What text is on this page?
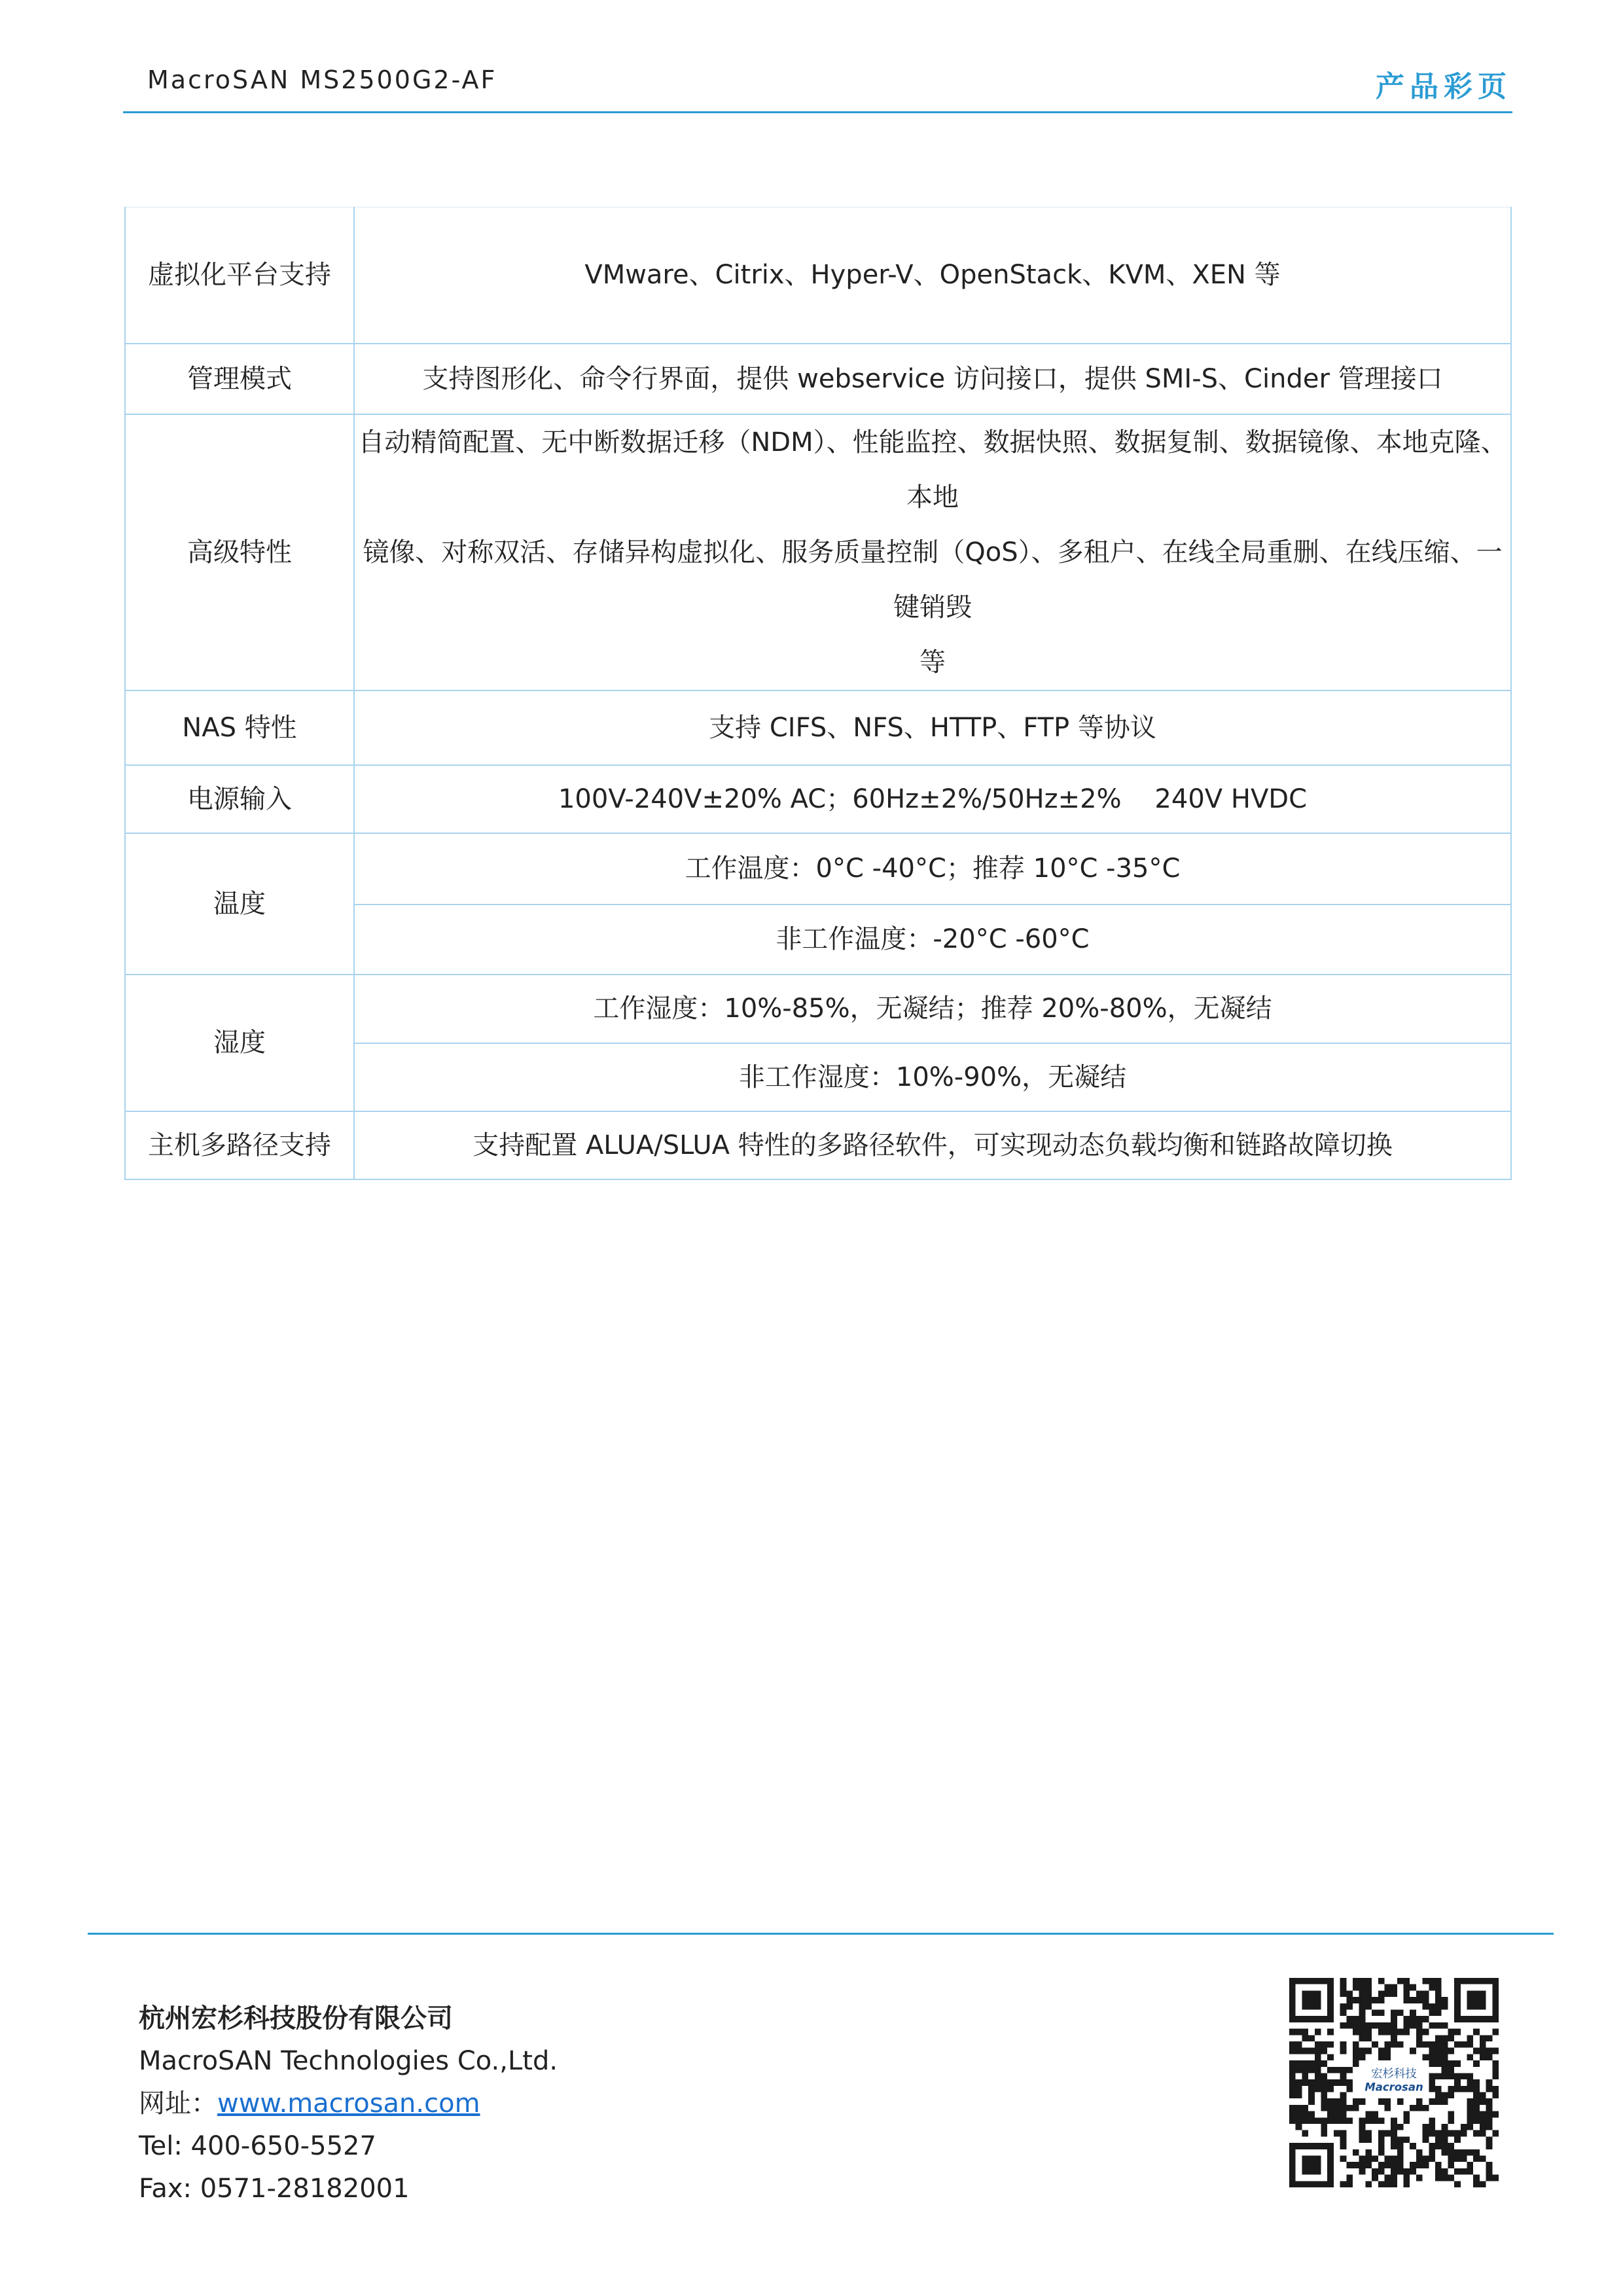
MacroSAN MS2500G2-AF	产品彩页
虚拟化平台支持	VMware、Citrix、Hyper-V、OpenStack、KVM、XEN 等
管理模式	支持图形化、命令行界面，提供 webservice 访问接口，提供 SMI-S、Cinder 管理接口
高级特性	自动精简配置、无中断数据迁移（NDM）、性能监控、数据快照、数据复制、数据镜像、本地克隆、本地
镜像、对称双活、存储异构虚拟化、服务质量控制（QoS）、多租户、在线全局重删、在线压缩、一键销毁
等

NAS 特性	支持 CIFS、NFS、HTTP、FTP 等协议
电源输入	100V-240V±20% AC；60Hz±2%/50Hz±2%    240V HVDC
温度	工作温度：0°C -40°C；推荐 10°C -35°C
	非工作温度：-20°C -60°C
湿度	工作湿度：10%-85%，无凝结；推荐 20%-80%，无凝结
	非工作湿度：10%-90%，无凝结
主机多路径支持	支持配置 ALUA/SLUA 特性的多路径软件，可实现动态负载均衡和链路故障切换
杭州宏杉科技股份有限公司
MacroSAN Technologies Co.,Ltd.
网址：www.macrosan.com
Tel: 400-650-5527
Fax: 0571-28182001
宏杉科技
Macrosan
